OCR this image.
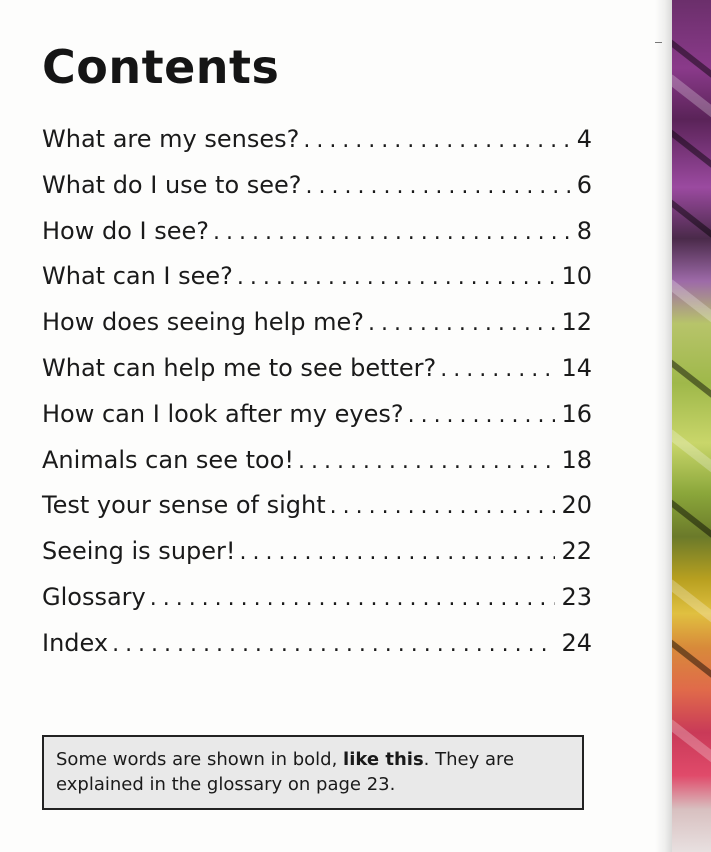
Contents
What are my senses? . . .	4
What do I use to see? . . .	6
How do I see? . . .	8
What can I see? . . .	10
How does seeing help me? . . .	12
What can help me to see better? . . .	14
How can I look after my eyes? . . .	16
Animals can see too! . . .	18
Test your sense of sight . . .	20
Seeing is super! . . .	22
Glossary . . .	23
Index . . .	24
Some words are shown in bold, like this. They are explained in the glossary on page 23.
